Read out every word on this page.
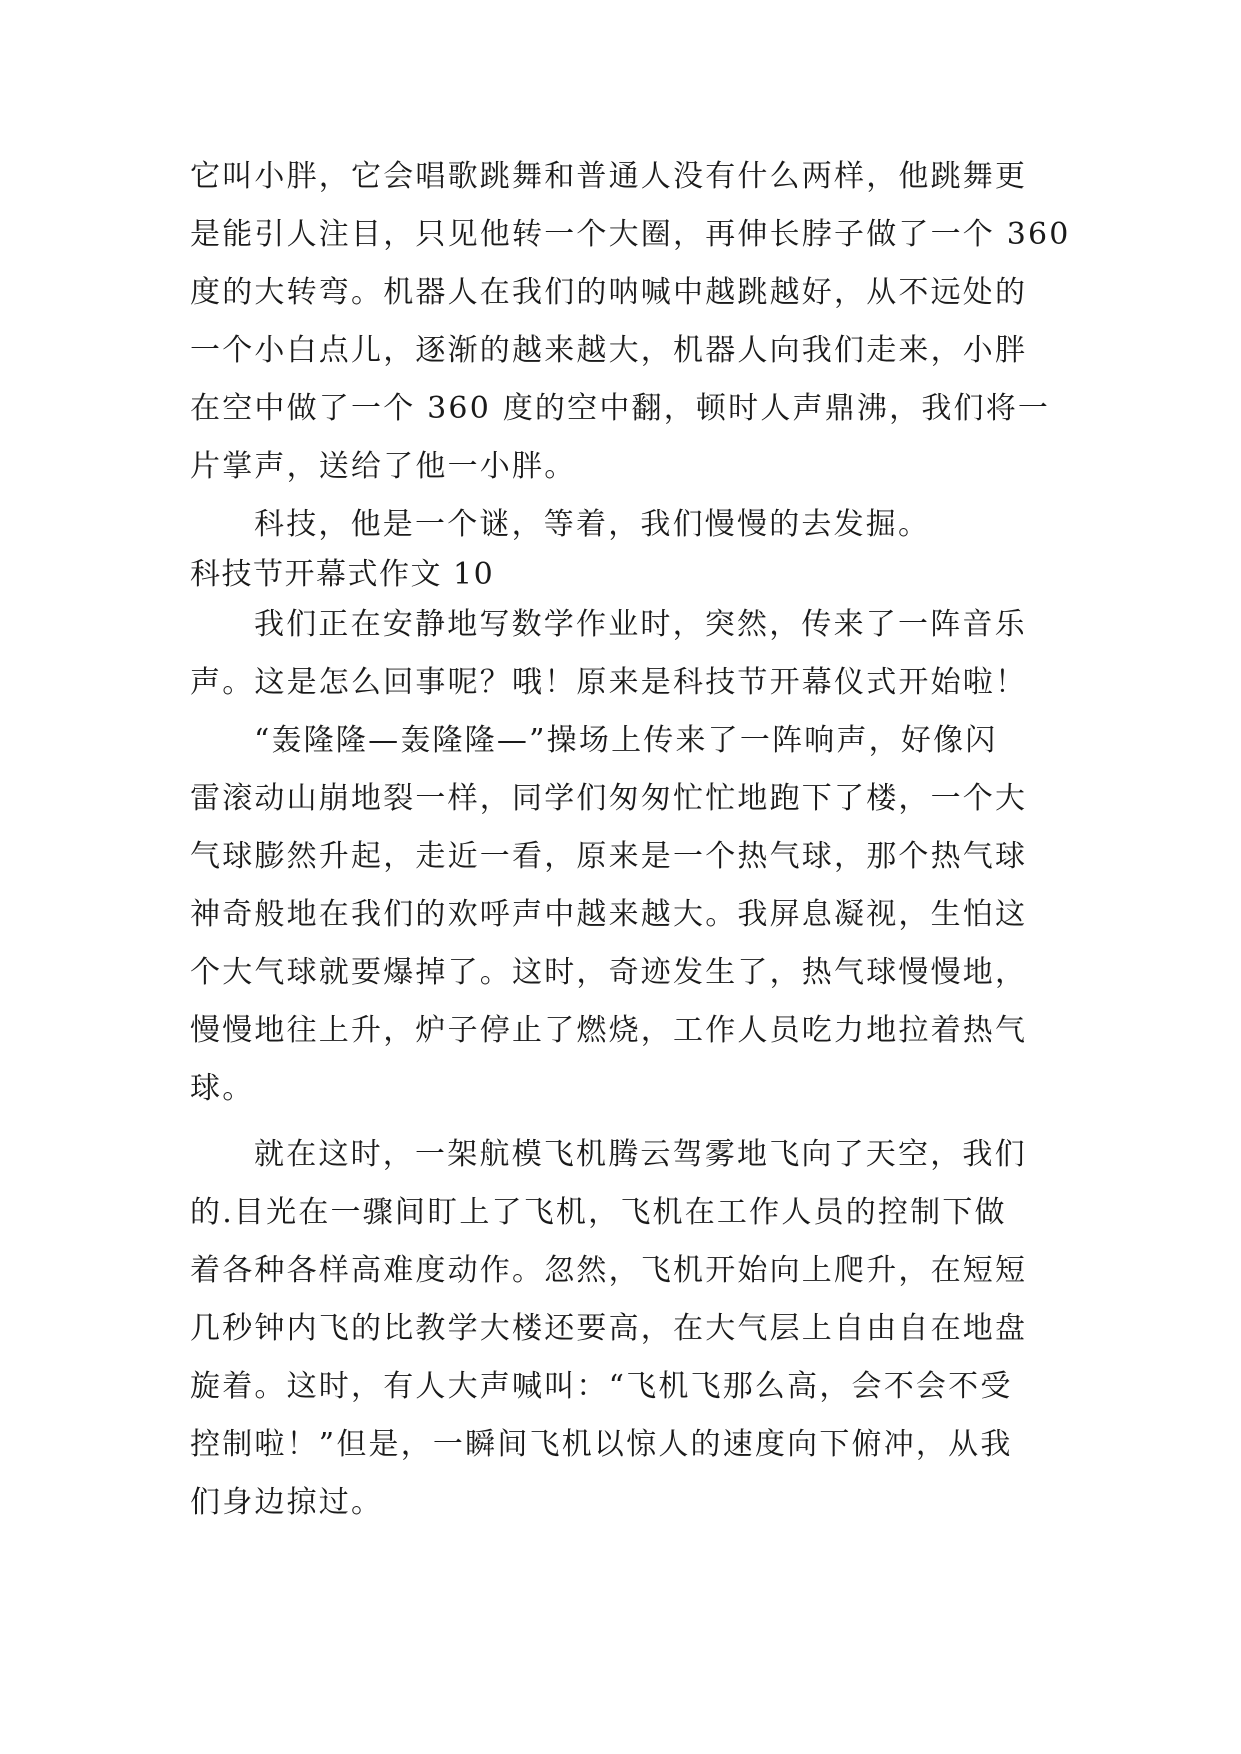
它叫小胖，它会唱歌跳舞和普通人没有什么两样，他跳舞更

是能引人注目，只见他转一个大圈，再伸长脖子做了一个 360

度的大转弯。机器人在我们的呐喊中越跳越好，从不远处的

一个小白点儿，逐渐的越来越大，机器人向我们走来，小胖

在空中做了一个 360 度的空中翻，顿时人声鼎沸，我们将一

片掌声，送给了他一小胖。

科技，他是一个谜，等着，我们慢慢的去发掘。

科技节开幕式作文 10

我们正在安静地写数学作业时，突然，传来了一阵音乐

声。这是怎么回事呢？哦！原来是科技节开幕仪式开始啦！

“轰隆隆—轰隆隆—”操场上传来了一阵响声，好像闪

雷滚动山崩地裂一样，同学们匆匆忙忙地跑下了楼，一个大

气球膨然升起，走近一看，原来是一个热气球，那个热气球

神奇般地在我们的欢呼声中越来越大。我屏息凝视，生怕这

个大气球就要爆掉了。这时，奇迹发生了，热气球慢慢地，

慢慢地往上升，炉子停止了燃烧，工作人员吃力地拉着热气

球。

就在这时，一架航模飞机腾云驾雾地飞向了天空，我们

的.目光在一骤间盯上了飞机，飞机在工作人员的控制下做

着各种各样高难度动作。忽然，飞机开始向上爬升，在短短

几秒钟内飞的比教学大楼还要高，在大气层上自由自在地盘

旋着。这时，有人大声喊叫：“飞机飞那么高，会不会不受

控制啦！”但是，一瞬间飞机以惊人的速度向下俯冲，从我

们身边掠过。
